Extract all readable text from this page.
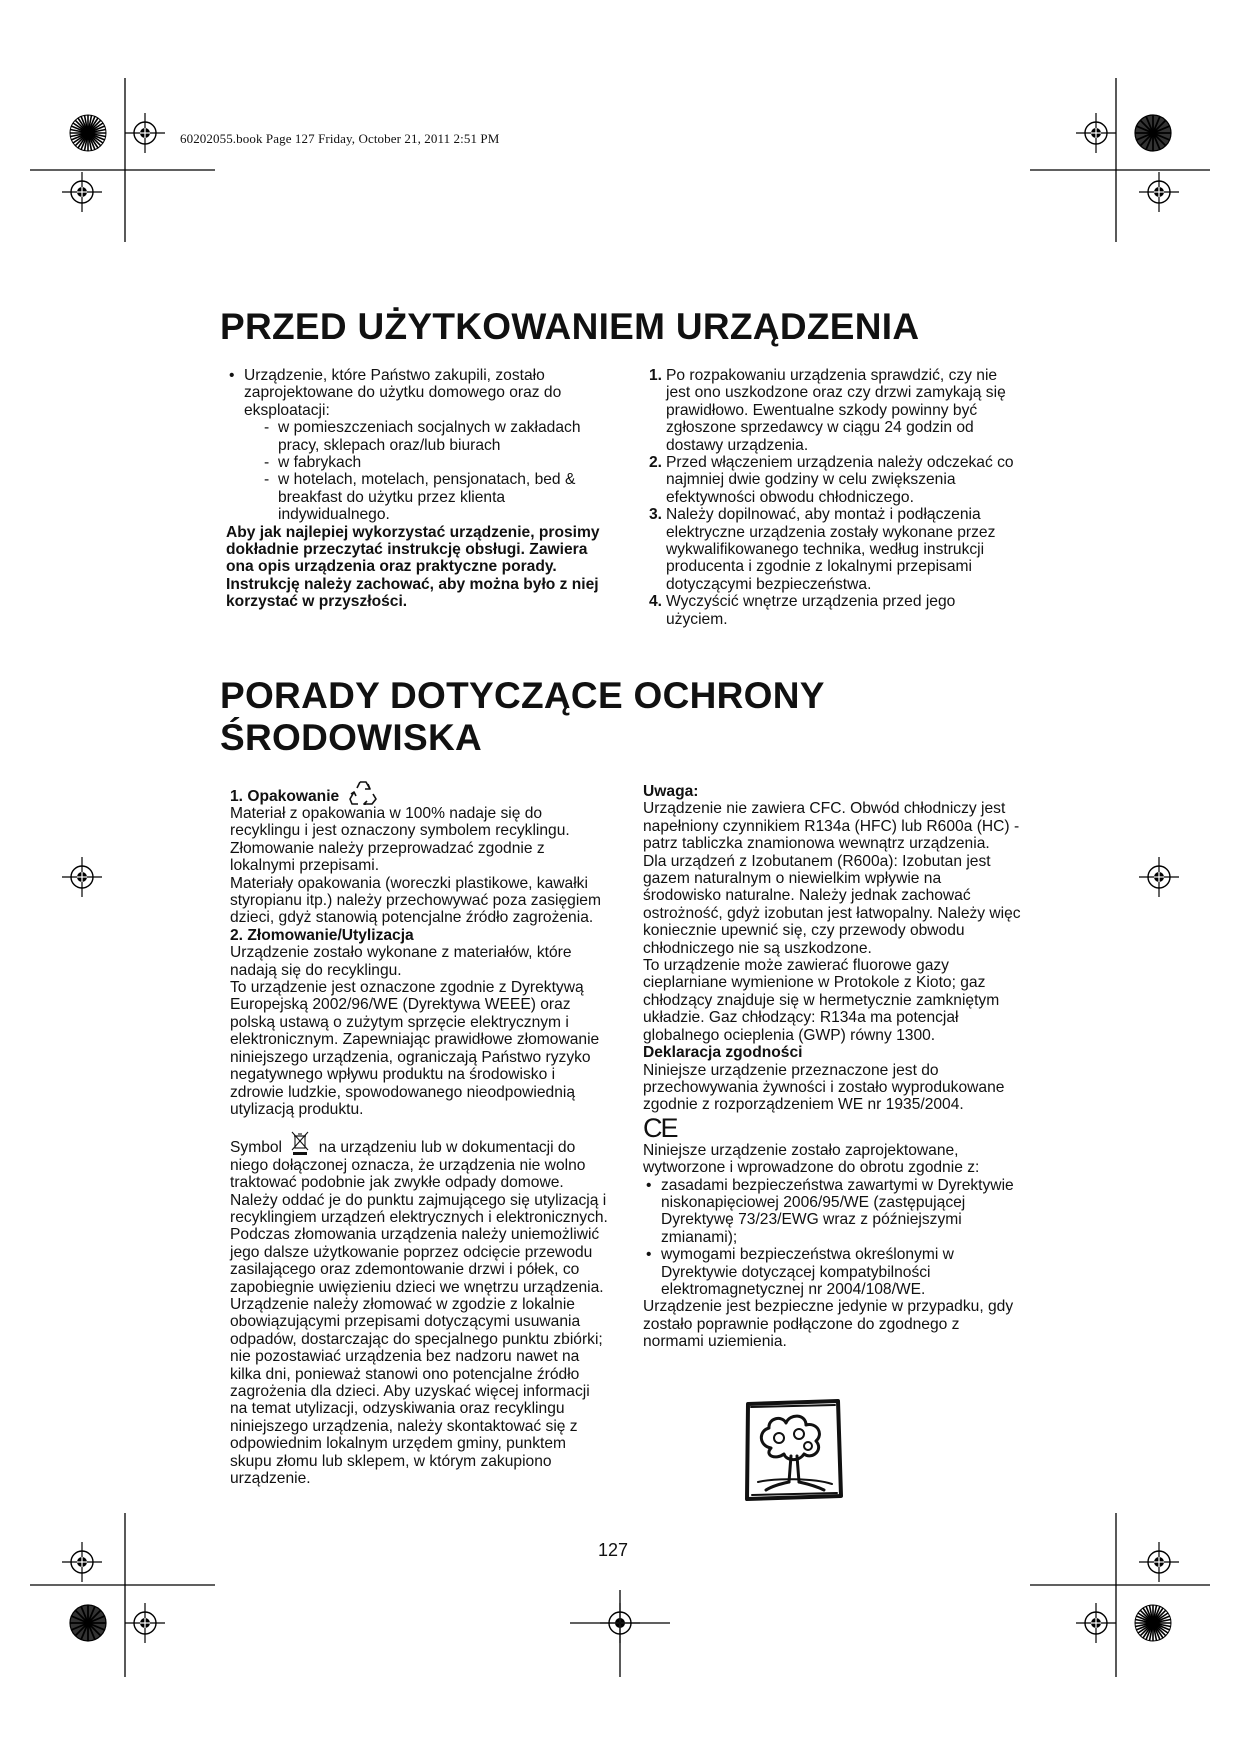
60202055.book Page 127 Friday, October 21, 2011 2:51 PM
PRZED UŻYTKOWANIEM URZĄDZENIA
• Urządzenie, które Państwo zakupili, zostało zaprojektowane do użytku domowego oraz do eksploatacji:
- w pomieszczeniach socjalnych w zakładach pracy, sklepach oraz/lub biurach
- w fabrykach
- w hotelach, motelach, pensjonatach, bed & breakfast do użytku przez klienta indywidualnego.

Aby jak najlepiej wykorzystać urządzenie, prosimy dokładnie przeczytać instrukcję obsługi. Zawiera ona opis urządzenia oraz praktyczne porady.

Instrukcję należy zachować, aby można było z niej korzystać w przyszłości.

1. Po rozpakowaniu urządzenia sprawdzić, czy nie jest ono uszkodzone oraz czy drzwi zamykają się prawidłowo. Ewentualne szkody powinny być zgłoszone sprzedawcy w ciągu 24 godzin od dostawy urządzenia.
2. Przed włączeniem urządzenia należy odczekać co najmniej dwie godziny w celu zwiększenia efektywności obwodu chłodniczego.
3. Należy dopilnować, aby montaż i podłączenia elektryczne urządzenia zostały wykonane przez wykwalifikowanego technika, według instrukcji producenta i zgodnie z lokalnymi przepisami dotyczącymi bezpieczeństwa.
4. Wyczyścić wnętrze urządzenia przed jego użyciem.
PORADY DOTYCZĄCE OCHRONY
ŚRODOWISKA
1. Opakowanie

Materiał z opakowania w 100% nadaje się do recyklingu i jest oznaczony symbolem recyklingu. Złomowanie należy przeprowadzać zgodnie z lokalnymi przepisami.

Materiały opakowania (woreczki plastikowe, kawałki styropianu itp.) należy przechowywać poza zasięgiem dzieci, gdyż stanowią potencjalne źródło zagrożenia.

2. Złomowanie/Utylizacja

Urządzenie zostało wykonane z materiałów, które nadają się do recyklingu.

To urządzenie jest oznaczone zgodnie z Dyrektywą Europejską 2002/96/WE (Dyrektywa WEEE) oraz polską ustawą o zużytym sprzęcie elektrycznym i elektronicznym. Zapewniając prawidłowe złomowanie niniejszego urządzenia, ograniczają Państwo ryzyko negatywnego wpływu produktu na środowisko i zdrowie ludzkie, spowodowanego nieodpowiednią utylizacją produktu.

Symbol na urządzeniu lub w dokumentacji do niego dołączonej oznacza, że urządzenia nie wolno traktować podobnie jak zwykłe odpady domowe. Należy oddać je do punktu zajmującego się utylizacją i recyklingiem urządzeń elektrycznych i elektronicznych.

Podczas złomowania urządzenia należy uniemożliwić jego dalsze użytkowanie poprzez odcięcie przewodu zasilającego oraz zdemontowanie drzwi i półek, co zapobiegnie uwięzieniu dzieci we wnętrzu urządzenia.

Urządzenie należy złomować w zgodzie z lokalnie obowiązującymi przepisami dotyczącymi usuwania odpadów, dostarczając do specjalnego punktu zbiórki; nie pozostawiać urządzenia bez nadzoru nawet na kilka dni, ponieważ stanowi ono potencjalne źródło zagrożenia dla dzieci. Aby uzyskać więcej informacji na temat utylizacji, odzyskiwania oraz recyklingu niniejszego urządzenia, należy skontaktować się z odpowiednim lokalnym urzędem gminy, punktem skupu złomu lub sklepem, w którym zakupiono urządzenie.

Uwaga:

Urządzenie nie zawiera CFC. Obwód chłodniczy jest napełniony czynnikiem R134a (HFC) lub R600a (HC) - patrz tabliczka znamionowa wewnątrz urządzenia.

Dla urządzeń z Izobutanem (R600a): Izobutan jest gazem naturalnym o niewielkim wpływie na środowisko naturalne. Należy jednak zachować ostrożność, gdyż izobutan jest łatwopalny. Należy więc koniecznie upewnić się, czy przewody obwodu chłodniczego nie są uszkodzone.

To urządzenie może zawierać fluorowe gazy cieplarniane wymienione w Protokole z Kioto; gaz chłodzący znajduje się w hermetycznie zamkniętym układzie. Gaz chłodzący: R134a ma potencjał globalnego ocieplenia (GWP) równy 1300.

Deklaracja zgodności

Niniejsze urządzenie przeznaczone jest do przechowywania żywności i zostało wyprodukowane zgodnie z rozporządzeniem WE nr 1935/2004.

CE

Niniejsze urządzenie zostało zaprojektowane, wytworzone i wprowadzone do obrotu zgodnie z:

• zasadami bezpieczeństwa zawartymi w Dyrektywie niskonapięciowej 2006/95/WE (zastępującej Dyrektywę 73/23/EWG wraz z późniejszymi zmianami);
• wymogami bezpieczeństwa określonymi w Dyrektywie dotyczącej kompatybilności elektromagnetycznej nr 2004/108/WE.

Urządzenie jest bezpieczne jedynie w przypadku, gdy zostało poprawnie podłączone do zgodnego z normami uziemienia.

127
